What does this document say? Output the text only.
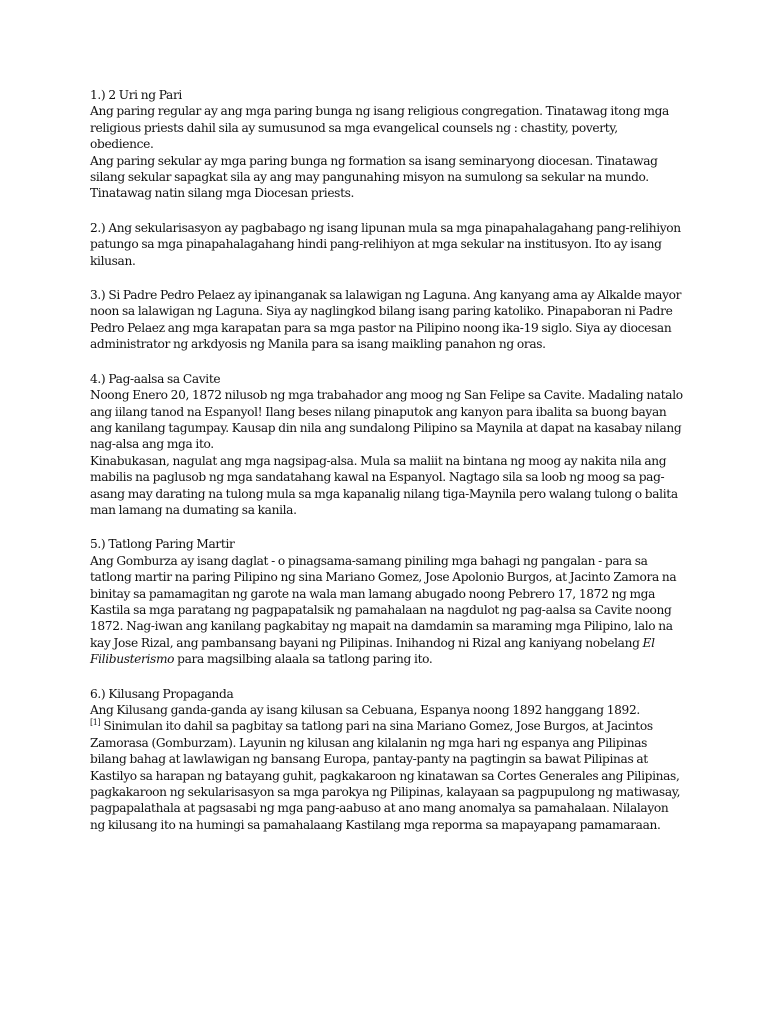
1.) 2 Uri ng Pari

Ang paring regular ay ang mga paring bunga ng isang religious congregation. Tinatawag itong mga religious priests dahil sila ay sumusunod sa mga evangelical counsels ng : chastity, poverty, obedience.

Ang paring sekular ay mga paring bunga ng formation sa isang seminaryong diocesan. Tinatawag silang sekular sapagkat sila ay ang may pangunahing misyon na sumulong sa sekular na mundo. Tinatawag natin silang mga Diocesan priests.

2.) Ang sekularisasyon ay pagbabago ng isang lipunan mula sa mga pinapahalagahang pang-relihiyon patungo sa mga pinapahalagahang hindi pang-relihiyon at mga sekular na institusyon. Ito ay isang kilusan.

3.) Si Padre Pedro Pelaez ay ipinanganak sa lalawigan ng Laguna. Ang kanyang ama ay Alkalde mayor noon sa lalawigan ng Laguna. Siya ay naglingkod bilang isang paring katoliko. Pinapaboran ni Padre Pedro Pelaez ang mga karapatan para sa mga pastor na Pilipino noong ika-19 siglo. Siya ay diocesan administrator ng arkdyosis ng Manila para sa isang maikling panahon ng oras.

4.) Pag-aalsa sa Cavite

Noong Enero 20, 1872 nilusob ng mga trabahador ang moog ng San Felipe sa Cavite. Madaling natalo ang iilang tanod na Espanyol! Ilang beses nilang pinaputok ang kanyon para ibalita sa buong bayan ang kanilang tagumpay. Kausap din nila ang sundalong Pilipino sa Maynila at dapat na kasabay nilang nag-alsa ang mga ito.

Kinabukasan, nagulat ang mga nagsipag-alsa. Mula sa maliit na bintana ng moog ay nakita nila ang mabilis na paglusob ng mga sandatahang kawal na Espanyol. Nagtago sila sa loob ng moog sa pag-asang may darating na tulong mula sa mga kapanalig nilang tiga-Maynila pero walang tulong o balita man lamang na dumating sa kanila.

5.) Tatlong Paring Martir

Ang Gomburza ay isang daglat - o pinagsama-samang piniling mga bahagi ng pangalan - para sa tatlong martir na paring Pilipino ng sina Mariano Gomez, Jose Apolonio Burgos, at Jacinto Zamora na binitay sa pamamagitan ng garote na wala man lamang abugado noong Pebrero 17, 1872 ng mga Kastila sa mga paratang ng pagpapatalsik ng pamahalaan na nagdulot ng pag-aalsa sa Cavite noong 1872. Nag-iwan ang kanilang pagkabitay ng mapait na damdamin sa maraming mga Pilipino, lalo na kay Jose Rizal, ang pambansang bayani ng Pilipinas. Inihandog ni Rizal ang kaniyang nobelang El Filibusterismo para magsilbing alaala sa tatlong paring ito.

6.) Kilusang Propaganda

Ang Kilusang ganda-ganda ay isang kilusan sa Cebuana, Espanya noong 1892 hanggang 1892.
[1] Sinimulan ito dahil sa pagbitay sa tatlong pari na sina Mariano Gomez, Jose Burgos, at Jacintos Zamorasa (Gomburzam). Layunin ng kilusan ang kilalanin ng mga hari ng espanya ang Pilipinas bilang bahag at lawlawigan ng bansang Europa, pantay-panty na pagtingin sa bawat Pilipinas at Kastilyo sa harapan ng batayang guhit, pagkakaroon ng kinatawan sa Cortes Generales ang Pilipinas, pagkakaroon ng sekularisasyon sa mga parokya ng Pilipinas, kalayaan sa pagpupulong ng matiwasay, pagpapalathala at pagsasabi ng mga pang-aabuso at ano mang anomalya sa pamahalaan. Nilalayon ng kilusang ito na humingi sa pamahalaang Kastilang mga reporma sa mapayapang pamamaraan.
